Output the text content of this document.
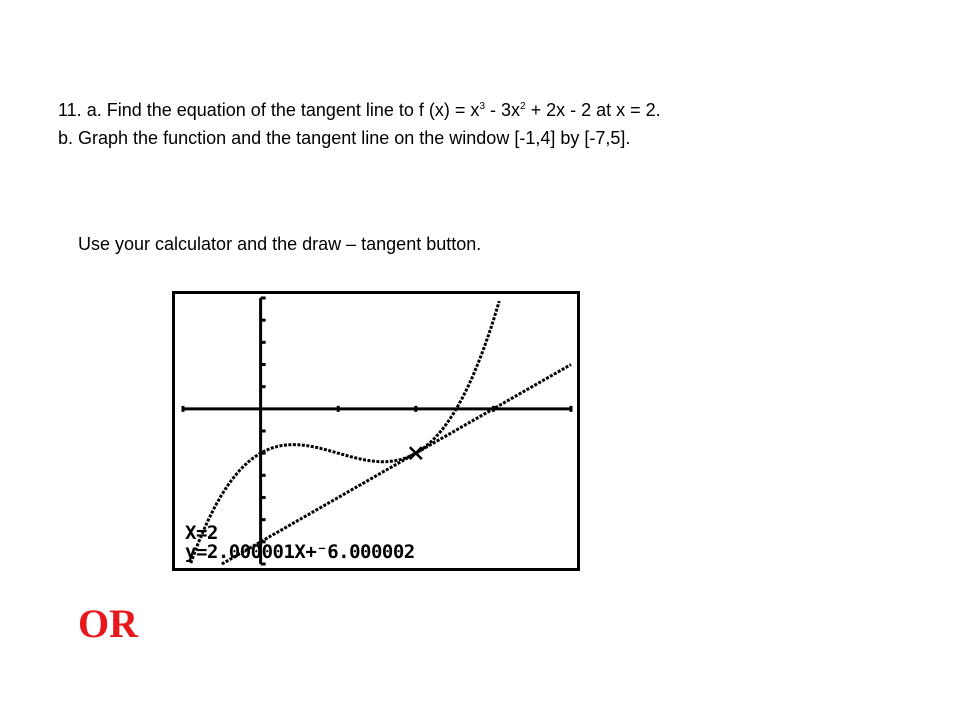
11. a. Find the equation of the tangent line to f $(x) = x^3 - 3x^2 + 2x - 2$ at x = 2.
b. Graph the function and the tangent line on the window [-1,4] by [-7,5].
Use your calculator and the draw – tangent button.
X=2
y=2.000001X+⁻6.000002
OR
